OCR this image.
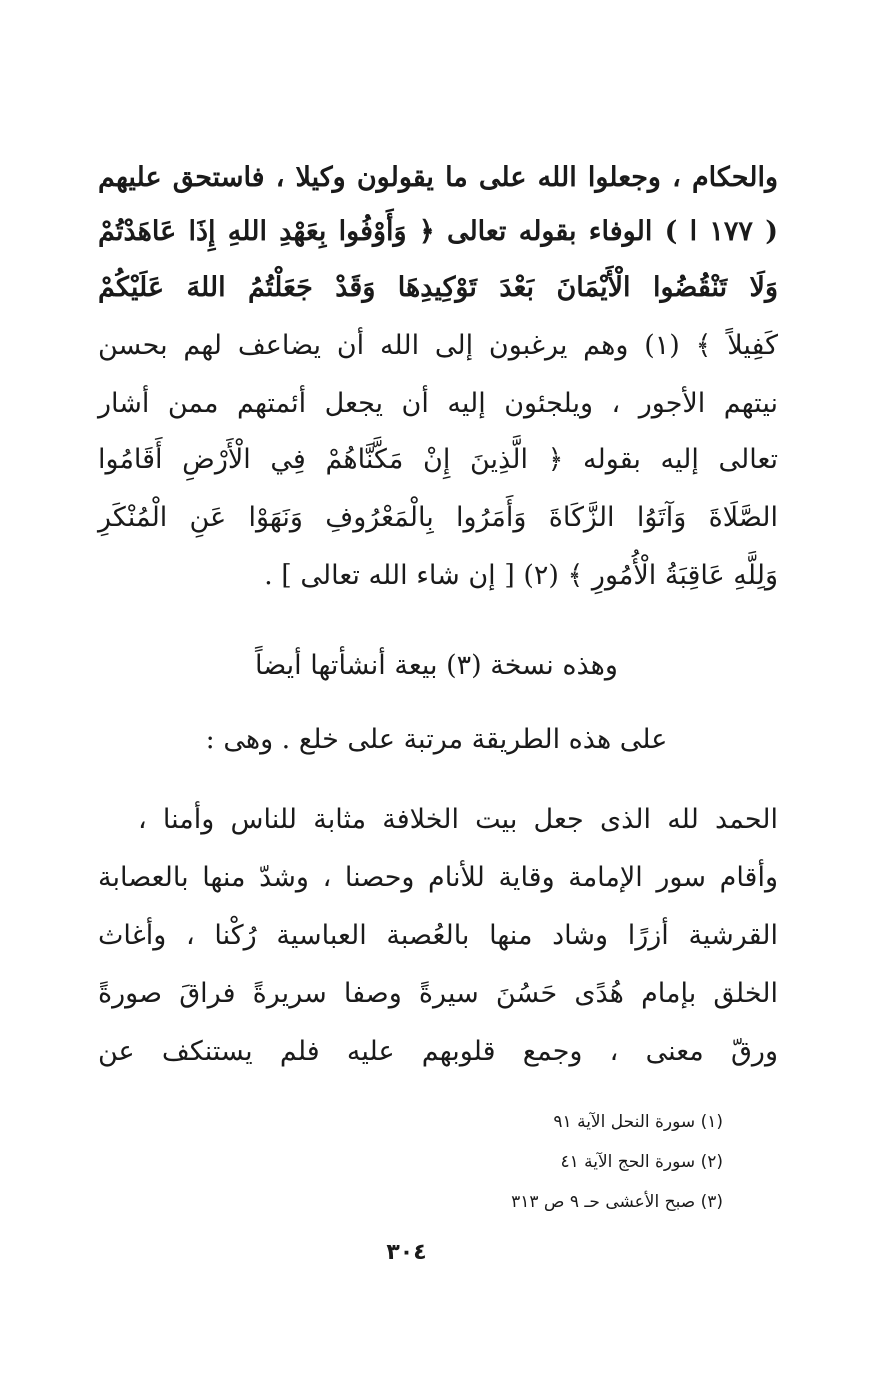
والحكام ، وجعلوا الله على ما يقولون وكيلا ، فاستحق عليهم
( ١٧٧ ا ) الوفاء بقوله تعالى ﴿ وَأَوْفُوا بِعَهْدِ اللهِ إِذَا عَاهَدْتُمْ
وَلَا تَنْقُضُوا الْأَيْمَانَ بَعْدَ تَوْكِيدِهَا وَقَدْ جَعَلْتُمُ اللهَ عَلَيْكُمْ
كَفِيلاً ﴾ (١) وهم يرغبون إلى الله أن يضاعف لهم بحسن
نيتهم الأجور ، ويلجئون إليه أن يجعل أئمتهم ممن أشار
تعالى إليه بقوله ﴿ الَّذِينَ إِنْ مَكَّنَّاهُمْ فِي الْأَرْضِ أَقَامُوا
الصَّلَاةَ وَآتَوُا الزَّكَاةَ وَأَمَرُوا بِالْمَعْرُوفِ وَنَهَوْا عَنِ الْمُنْكَرِ
وَلِلَّهِ عَاقِبَةُ الْأُمُورِ ﴾ (٢) [ إن شاء الله تعالى ] .
وهذه نسخة (٣) بيعة أنشأتها أيضاً
على هذه الطريقة مرتبة على خلع . وهى :
الحمد لله الذى جعل بيت الخلافة مثابة للناس وأمنا ،
وأقام سور الإمامة وقاية للأنام وحصنا ، وشدّ منها بالعصابة
القرشية أزرًا وشاد منها بالعُصبة العباسية رُكْنا ، وأغاث
الخلق بإمام هُدًى حَسُنَ سيرةً وصفا سريرةً فراقَ صورةً
ورقّ معنى ، وجمع قلوبهم عليه فلم يستنكف عن
(١) سورة النحل الآية ٩١
(٢) سورة الحج الآية ٤١
(٣) صبح الأعشى حـ ٩ ص ٣١٣
٣٠٤
